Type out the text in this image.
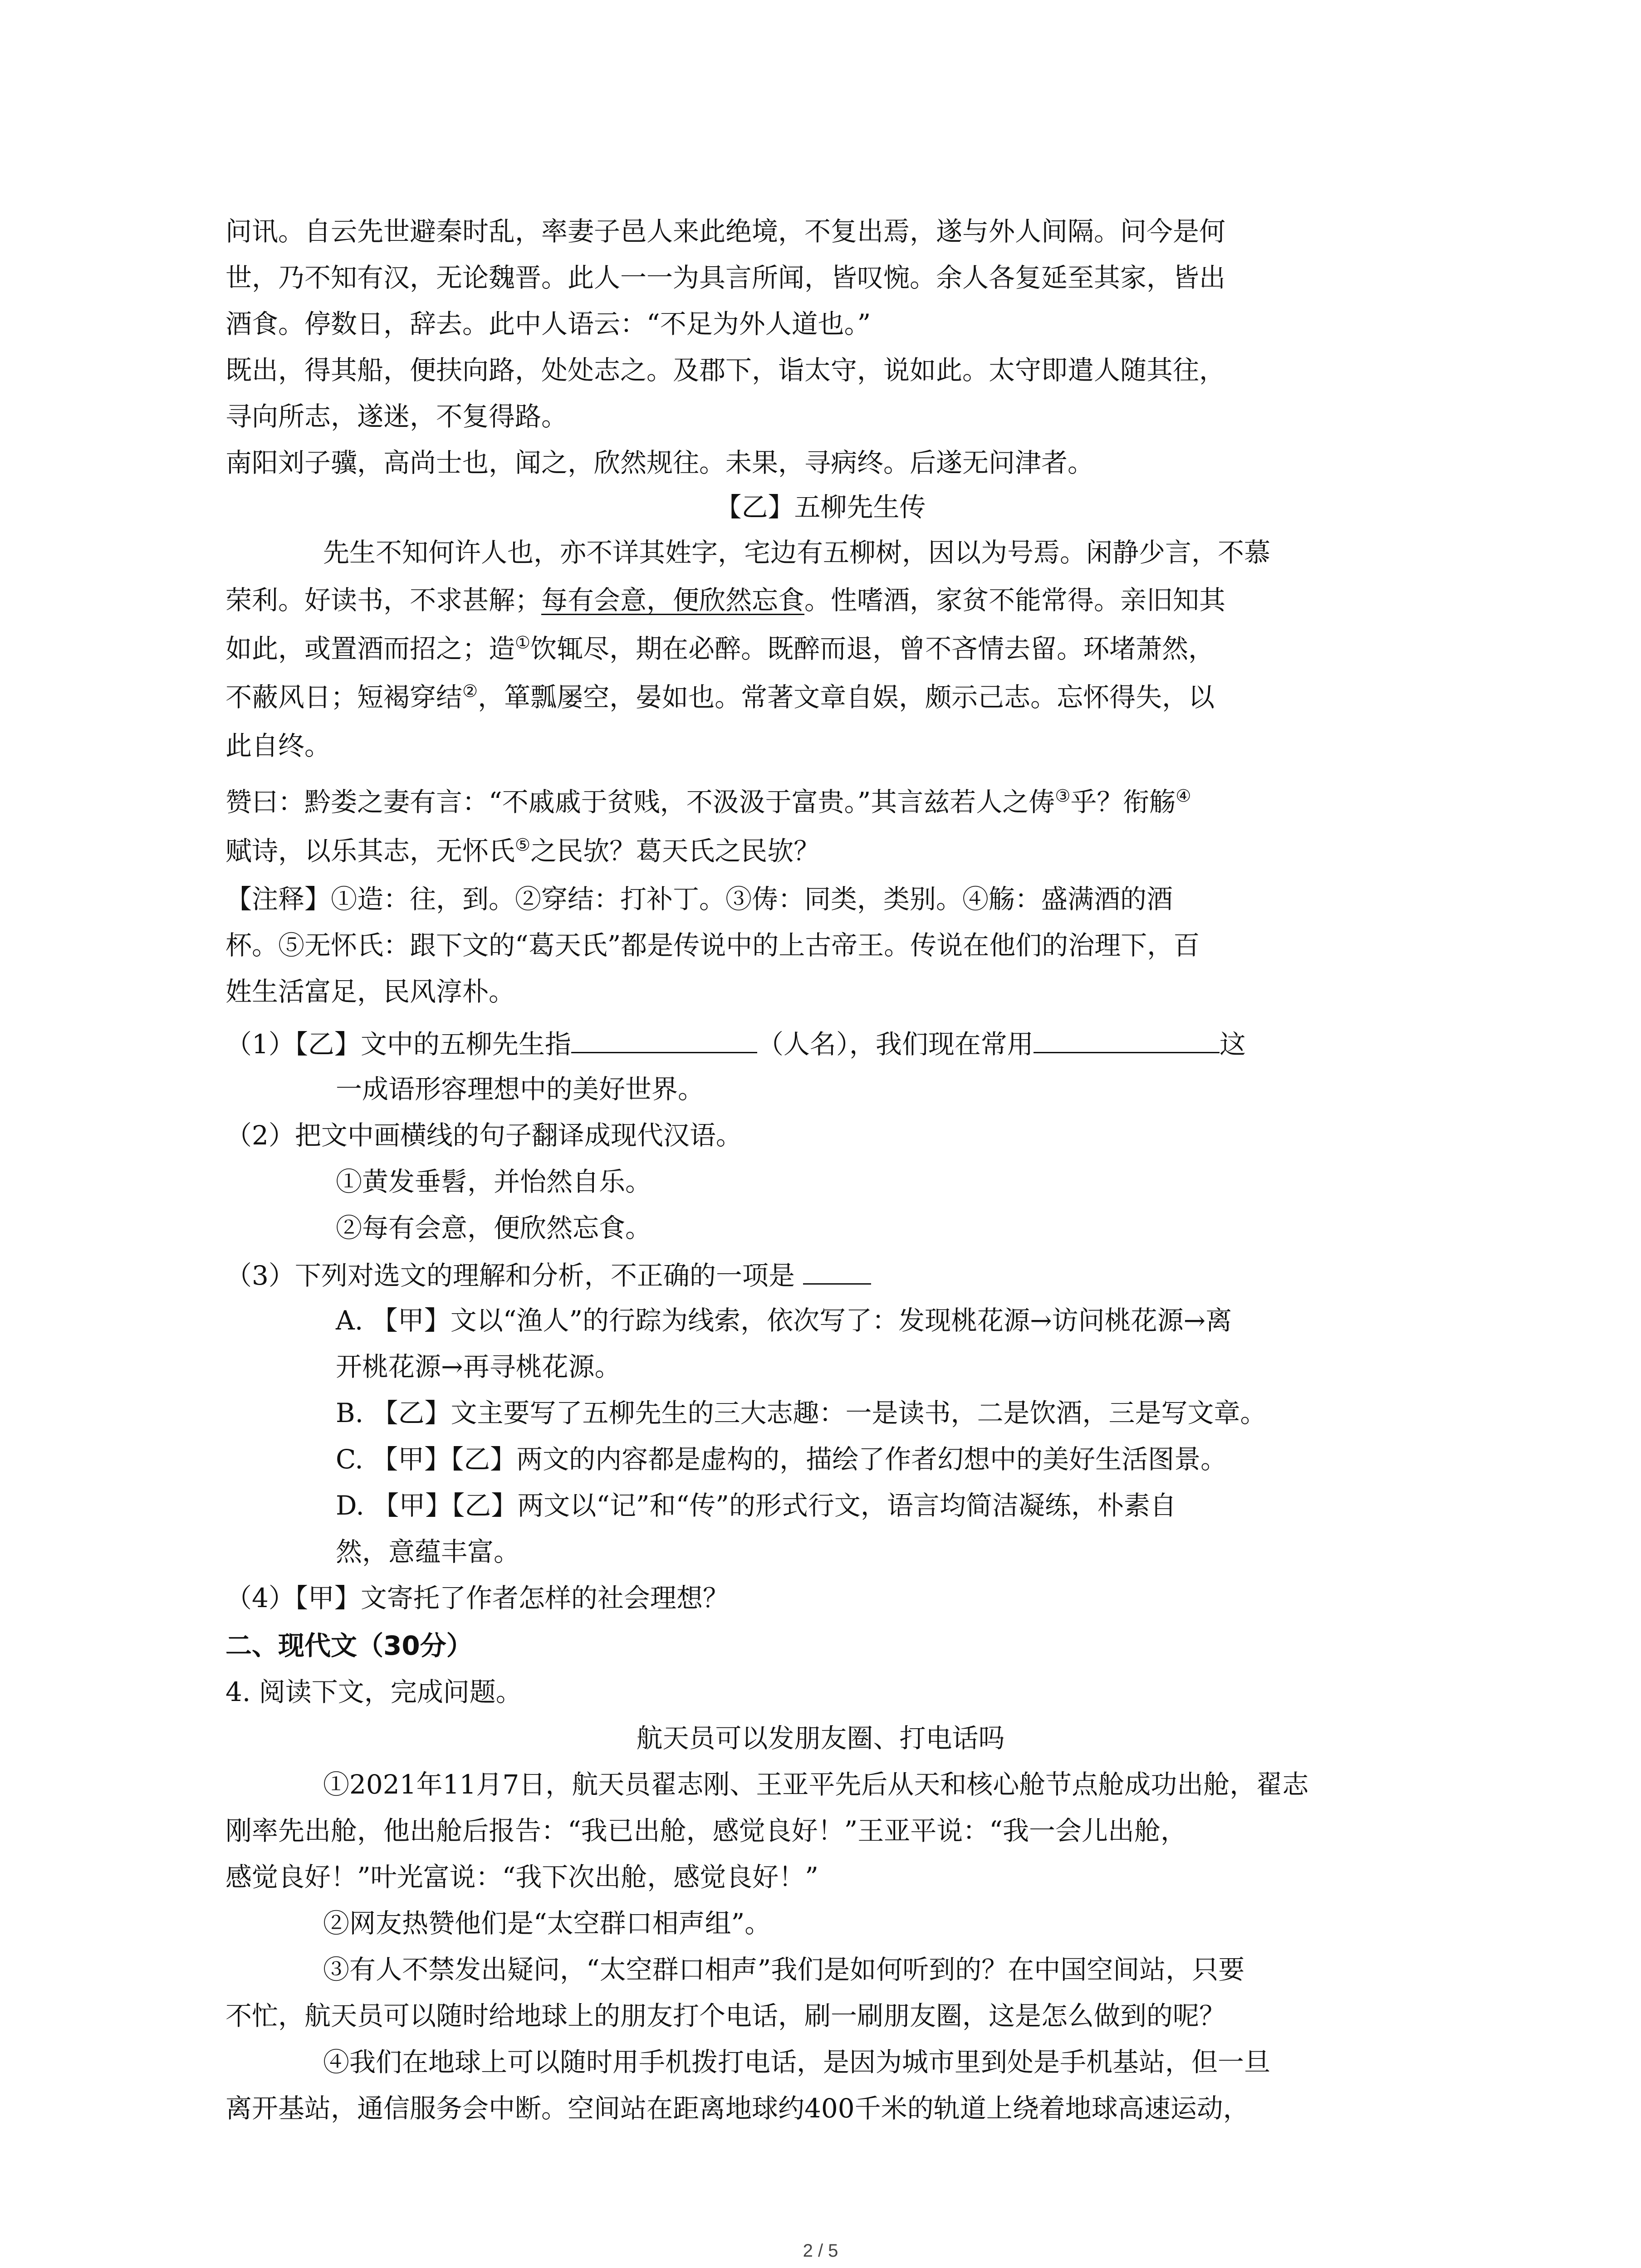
问讯。自云先世避秦时乱，率妻子邑人来此绝境，不复出焉，遂与外人间隔。问今是何
世，乃不知有汉，无论魏晋。此人一一为具言所闻，皆叹惋。余人各复延至其家，皆出
酒食。停数日，辞去。此中人语云：“不足为外人道也。”
既出，得其船，便扶向路，处处志之。及郡下，诣太守，说如此。太守即遣人随其往，
寻向所志，遂迷，不复得路。
南阳刘子骥，高尚士也，闻之，欣然规往。未果，寻病终。后遂无问津者。
【乙】五柳先生传
先生不知何许人也，亦不详其姓字，宅边有五柳树，因以为号焉。闲静少言，不慕
荣利。好读书，不求甚解；每有会意，便欣然忘食。性嗜酒，家贫不能常得。亲旧知其
如此，或置酒而招之；造①饮辄尽，期在必醉。既醉而退，曾不吝情去留。环堵萧然，
不蔽风日；短褐穿结②，箪瓢屡空，晏如也。常著文章自娱，颇示己志。忘怀得失，以
此自终。
赞曰：黔娄之妻有言：“不戚戚于贫贱，不汲汲于富贵。”其言兹若人之俦③乎？衔觞④
赋诗，以乐其志，无怀氏⑤之民欤？葛天氏之民欤？
【注释】①造：往，到。②穿结：打补丁。③俦：同类，类别。④觞：盛满酒的酒
杯。⑤无怀氏：跟下文的“葛天氏”都是传说中的上古帝王。传说在他们的治理下，百
姓生活富足，民风淳朴。
（1）【乙】文中的五柳先生指	（人名），我们现在常用	这
一成语形容理想中的美好世界。
（2）把文中画横线的句子翻译成现代汉语。
①黄发垂髫，并怡然自乐。
②每有会意，便欣然忘食。
（3）下列对选文的理解和分析，不正确的一项是
A. 【甲】文以“渔人”的行踪为线索，依次写了：发现桃花源→访问桃花源→离
开桃花源→再寻桃花源。
B. 【乙】文主要写了五柳先生的三大志趣：一是读书，二是饮酒，三是写文章。
C. 【甲】【乙】两文的内容都是虚构的，描绘了作者幻想中的美好生活图景。
D. 【甲】【乙】两文以“记”和“传”的形式行文，语言均简洁凝练，朴素自
然，意蕴丰富。
（4）【甲】文寄托了作者怎样的社会理想？
二、现代文（30分）
4. 阅读下文，完成问题。
航天员可以发朋友圈、打电话吗
①2021年11月7日，航天员翟志刚、王亚平先后从天和核心舱节点舱成功出舱，翟志
刚率先出舱，他出舱后报告：“我已出舱，感觉良好！”王亚平说：“我一会儿出舱，
感觉良好！”叶光富说：“我下次出舱，感觉良好！”
②网友热赞他们是“太空群口相声组”。
③有人不禁发出疑问，“太空群口相声”我们是如何听到的？在中国空间站，只要
不忙，航天员可以随时给地球上的朋友打个电话，刷一刷朋友圈，这是怎么做到的呢？
④我们在地球上可以随时用手机拨打电话，是因为城市里到处是手机基站，但一旦
离开基站，通信服务会中断。空间站在距离地球约400千米的轨道上绕着地球高速运动，
2 / 5
